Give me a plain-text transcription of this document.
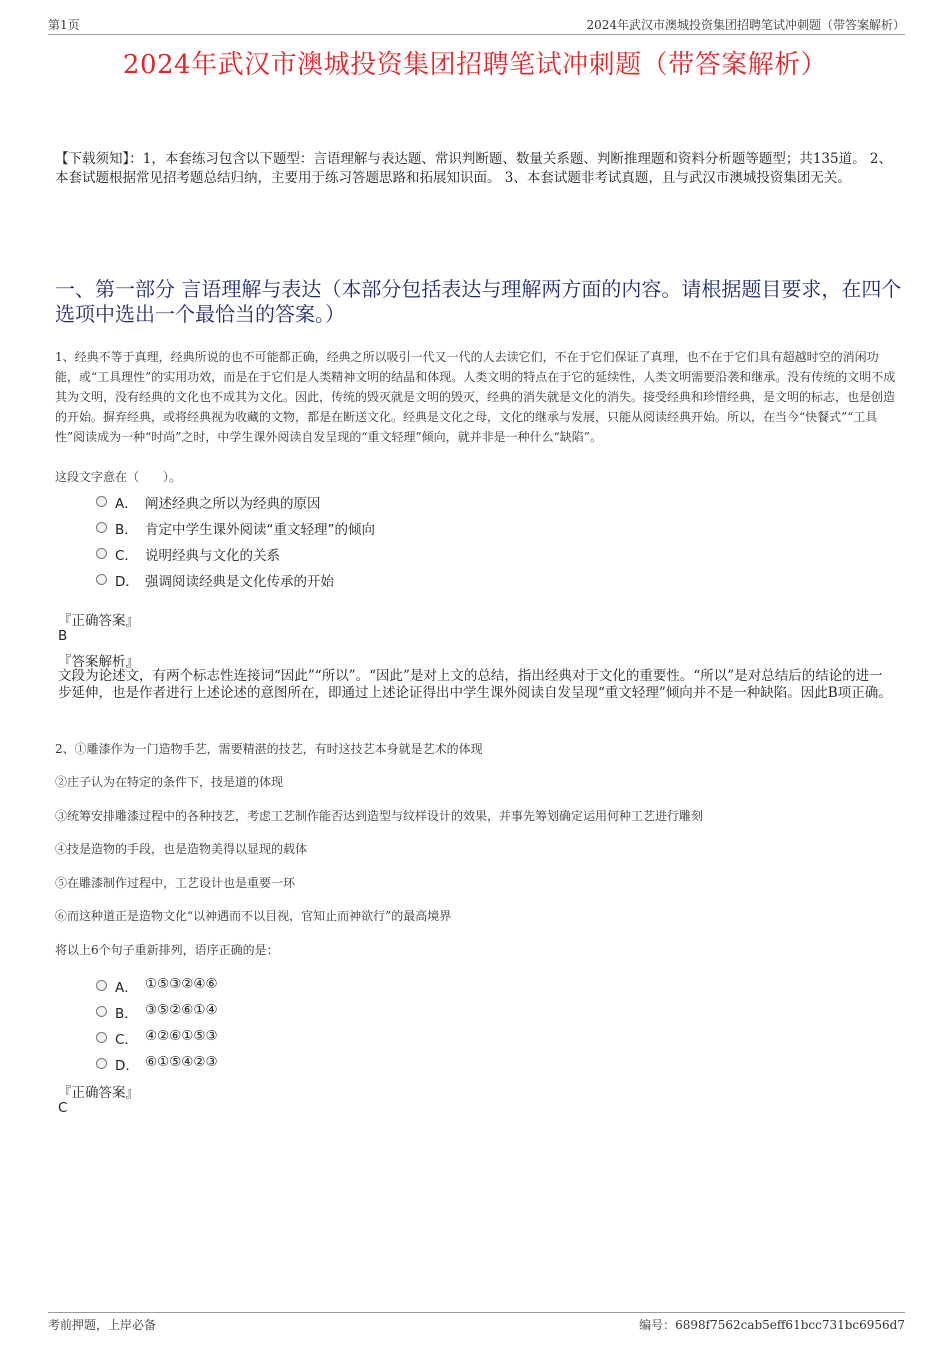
第1页	2024年武汉市澳城投资集团招聘笔试冲刺题（带答案解析）
2024年武汉市澳城投资集团招聘笔试冲刺题（带答案解析）
【下载须知】：1，本套练习包含以下题型：言语理解与表达题、常识判断题、数量关系题、判断推理题和资料分析题等题型；共135道。 2、本套试题根据常见招考题总结归纳，主要用于练习答题思路和拓展知识面。 3、本套试题非考试真题，且与武汉市澳城投资集团无关。
一、第一部分 言语理解与表达（本部分包括表达与理解两方面的内容。请根据题目要求，在四个选项中选出一个最恰当的答案。）
1、经典不等于真理，经典所说的也不可能都正确，经典之所以吸引一代又一代的人去读它们，不在于它们保证了真理，也不在于它们具有超越时空的消闲功能，或“工具理性”的实用功效，而是在于它们是人类精神文明的结晶和体现。人类文明的特点在于它的延续性，人类文明需要沿袭和继承。没有传统的文明不成其为文明，没有经典的文化也不成其为文化。因此，传统的毁灭就是文明的毁灭，经典的消失就是文化的消失。接受经典和珍惜经典，是文明的标志，也是创造的开始。摒弃经典，或将经典视为收藏的文物，都是在断送文化。经典是文化之母，文化的继承与发展，只能从阅读经典开始。所以，在当今“快餐式”“工具性”阅读成为一种“时尚”之时，中学生课外阅读自发呈现的“重文轻理”倾向，就并非是一种什么“缺陷”。
这段文字意在（　　）。
A． 阐述经典之所以为经典的原因
B． 肯定中学生课外阅读“重文轻理”的倾向
C． 说明经典与文化的关系
D． 强调阅读经典是文化传承的开始
『正确答案』
B
『答案解析』
文段为论述文，有两个标志性连接词“因此”“所以”。“因此”是对上文的总结，指出经典对于文化的重要性。“所以”是对总结后的结论的进一步延伸，也是作者进行上述论述的意图所在，即通过上述论证得出中学生课外阅读自发呈现“重文轻理”倾向并不是一种缺陷。因此B项正确。
2、①雕漆作为一门造物手艺，需要精湛的技艺，有时这技艺本身就是艺术的体现
②庄子认为在特定的条件下，技是道的体现
③统筹安排雕漆过程中的各种技艺，考虑工艺制作能否达到造型与纹样设计的效果，并事先筹划确定运用何种工艺进行雕刻
④技是造物的手段，也是造物美得以显现的载体
⑤在雕漆制作过程中，工艺设计也是重要一环
⑥而这种道正是造物文化“以神遇而不以目视，官知止而神欲行”的最高境界
将以上6个句子重新排列，语序正确的是：
A． ①⑤③②④⑥
B． ③⑤②⑥①④
C． ④②⑥①⑤③
D． ⑥①⑤④②③
『正确答案』
C
考前押题，上岸必备	编号：6898f7562cab5eff61bcc731bc6956d7
